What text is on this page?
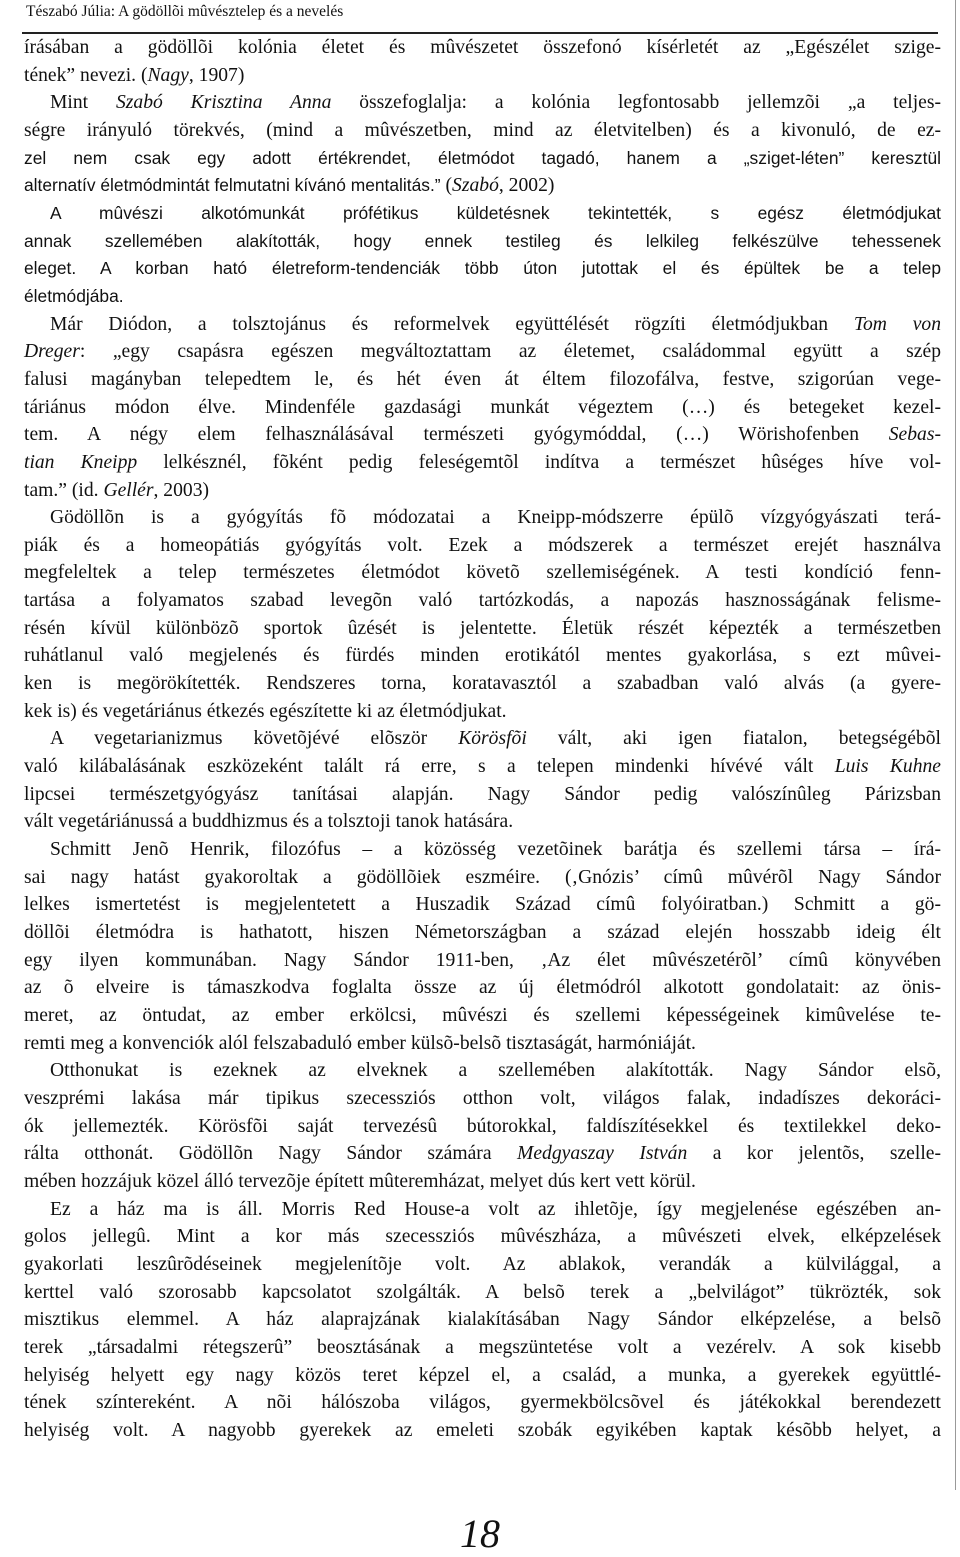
Tészabó Júlia: A gödöllõi mûvésztelep és a nevelés

írásában a gödöllõi kolónia életet és mûvészetet összefonó kísérletét az „Egészélet szige-
tének” nevezi. (Nagy, 1907)

Mint Szabó Krisztina Anna összefoglalja: a kolónia legfontosabb jellemzõi „a teljes-
ségre irányuló törekvés, (mind a mûvészetben, mind az életvitelben) és a kivonuló, de ez-
zel nem csak egy adott értékrendet, életmódot tagadó, hanem a „sziget-léten” keresztül
alternatív életmódmintát felmutatni kívánó mentalitás.” (Szabó, 2002)

A mûvészi alkotómunkát prófétikus küldetésnek tekintették, s egész életmódjukat
annak szellemében alakították, hogy ennek testileg és lelkileg felkészülve tehessenek
eleget. A korban ható életreform-tendenciák több úton jutottak el és épültek be a telep
életmódjába.

Már Diódon, a tolsztojánus és reformelvek együttélését rögzíti életmódjukban Tom von
Dreger: „egy csapásra egészen megváltoztattam az életemet, családommal együtt a szép
falusi magányban telepedtem le, és hét éven át éltem filozofálva, festve, szigorúan vege-
táriánus módon élve. Mindenféle gazdasági munkát végeztem (…) és betegeket kezel-
tem. A négy elem felhasználásával természeti gyógymóddal, (…) Wörishofenben Sebas-
tian Kneipp lelkésznél, fõként pedig feleségemtõl indítva a természet hûséges híve vol-
tam.” (id. Gellér, 2003)

Gödöllõn is a gyógyítás fõ módozatai a Kneipp-módszerre épülõ vízgyógyászati terá-
piák és a homeopátiás gyógyítás volt. Ezek a módszerek a természet erejét használva
megfeleltek a telep természetes életmódot követõ szellemiségének. A testi kondíció fenn-
tartása a folyamatos szabad levegõn való tartózkodás, a napozás hasznosságának felisme-
résén kívül különbözõ sportok ûzését is jelentette. Életük részét képezték a természetben
ruhátlanul való megjelenés és fürdés minden erotikától mentes gyakorlása, s ezt mûvei-
ken is megörökítették. Rendszeres torna, koratavasztól a szabadban való alvás (a gyere-
kek is) és vegetáriánus étkezés egészítette ki az életmódjukat.

A vegetarianizmus követõjévé elõször Körösfõi vált, aki igen fiatalon, betegségébõl
való kilábalásának eszközeként talált rá erre, s a telepen mindenki hívévé vált Luis Kuhne
lipcsei természetgyógyász tanításai alapján. Nagy Sándor pedig valószínûleg Párizsban
vált vegetáriánussá a buddhizmus és a tolsztoji tanok hatására.

Schmitt Jenõ Henrik, filozófus – a közösség vezetõinek barátja és szellemi társa – írá-
sai nagy hatást gyakoroltak a gödöllõiek eszméire. (‚Gnózis’ címû mûvérõl Nagy Sándor
lelkes ismertetést is megjelentetett a Huszadik Század címû folyóiratban.) Schmitt a gö-
döllõi életmódra is hathatott, hiszen Németországban a század elején hosszabb ideig élt
egy ilyen kommunában. Nagy Sándor 1911-ben, ‚Az élet mûvészetérõl’ címû könyvében
az õ elveire is támaszkodva foglalta össze az új életmódról alkotott gondolatait: az önis-
meret, az öntudat, az ember erkölcsi, mûvészi és szellemi képességeinek kimûvelése te-
remti meg a konvenciók alól felszabaduló ember külsõ-belsõ tisztaságát, harmóniáját.

Otthonukat is ezeknek az elveknek a szellemében alakították. Nagy Sándor elsõ,
veszprémi lakása már tipikus szecessziós otthon volt, világos falak, indadíszes dekoráci-
ók jellemezték. Körösfõi saját tervezésû bútorokkal, faldíszítésekkel és textilekkel deko-
rálta otthonát. Gödöllõn Nagy Sándor számára Medgyaszay István a kor jelentõs, szelle-
mében hozzájuk közel álló tervezõje épített mûteremházat, melyet dús kert vett körül.

Ez a ház ma is áll. Morris Red House-a volt az ihletõje, így megjelenése egészében an-
golos jellegû. Mint a kor más szecessziós mûvészháza, a mûvészeti elvek, elképzelések
gyakorlati leszûrõdéseinek megjelenítõje volt. Az ablakok, verandák a külvilággal, a
kerttel való szorosabb kapcsolatot szolgálták. A belsõ terek a „belvilágot” tükrözték, sok
misztikus elemmel. A ház alaprajzának kialakításában Nagy Sándor elképzelése, a belsõ
terek „társadalmi rétegszerû” beosztásának a megszüntetése volt a vezérelv. A sok kisebb
helyiség helyett egy nagy közös teret képzel el, a család, a munka, a gyerekek együttlé-
tének színtereként. A nõi hálószoba világos, gyermekbölcsõvel és játékokkal berendezett
helyiség volt. A nagyobb gyerekek az emeleti szobák egyikében kaptak késõbb helyet, a

18
